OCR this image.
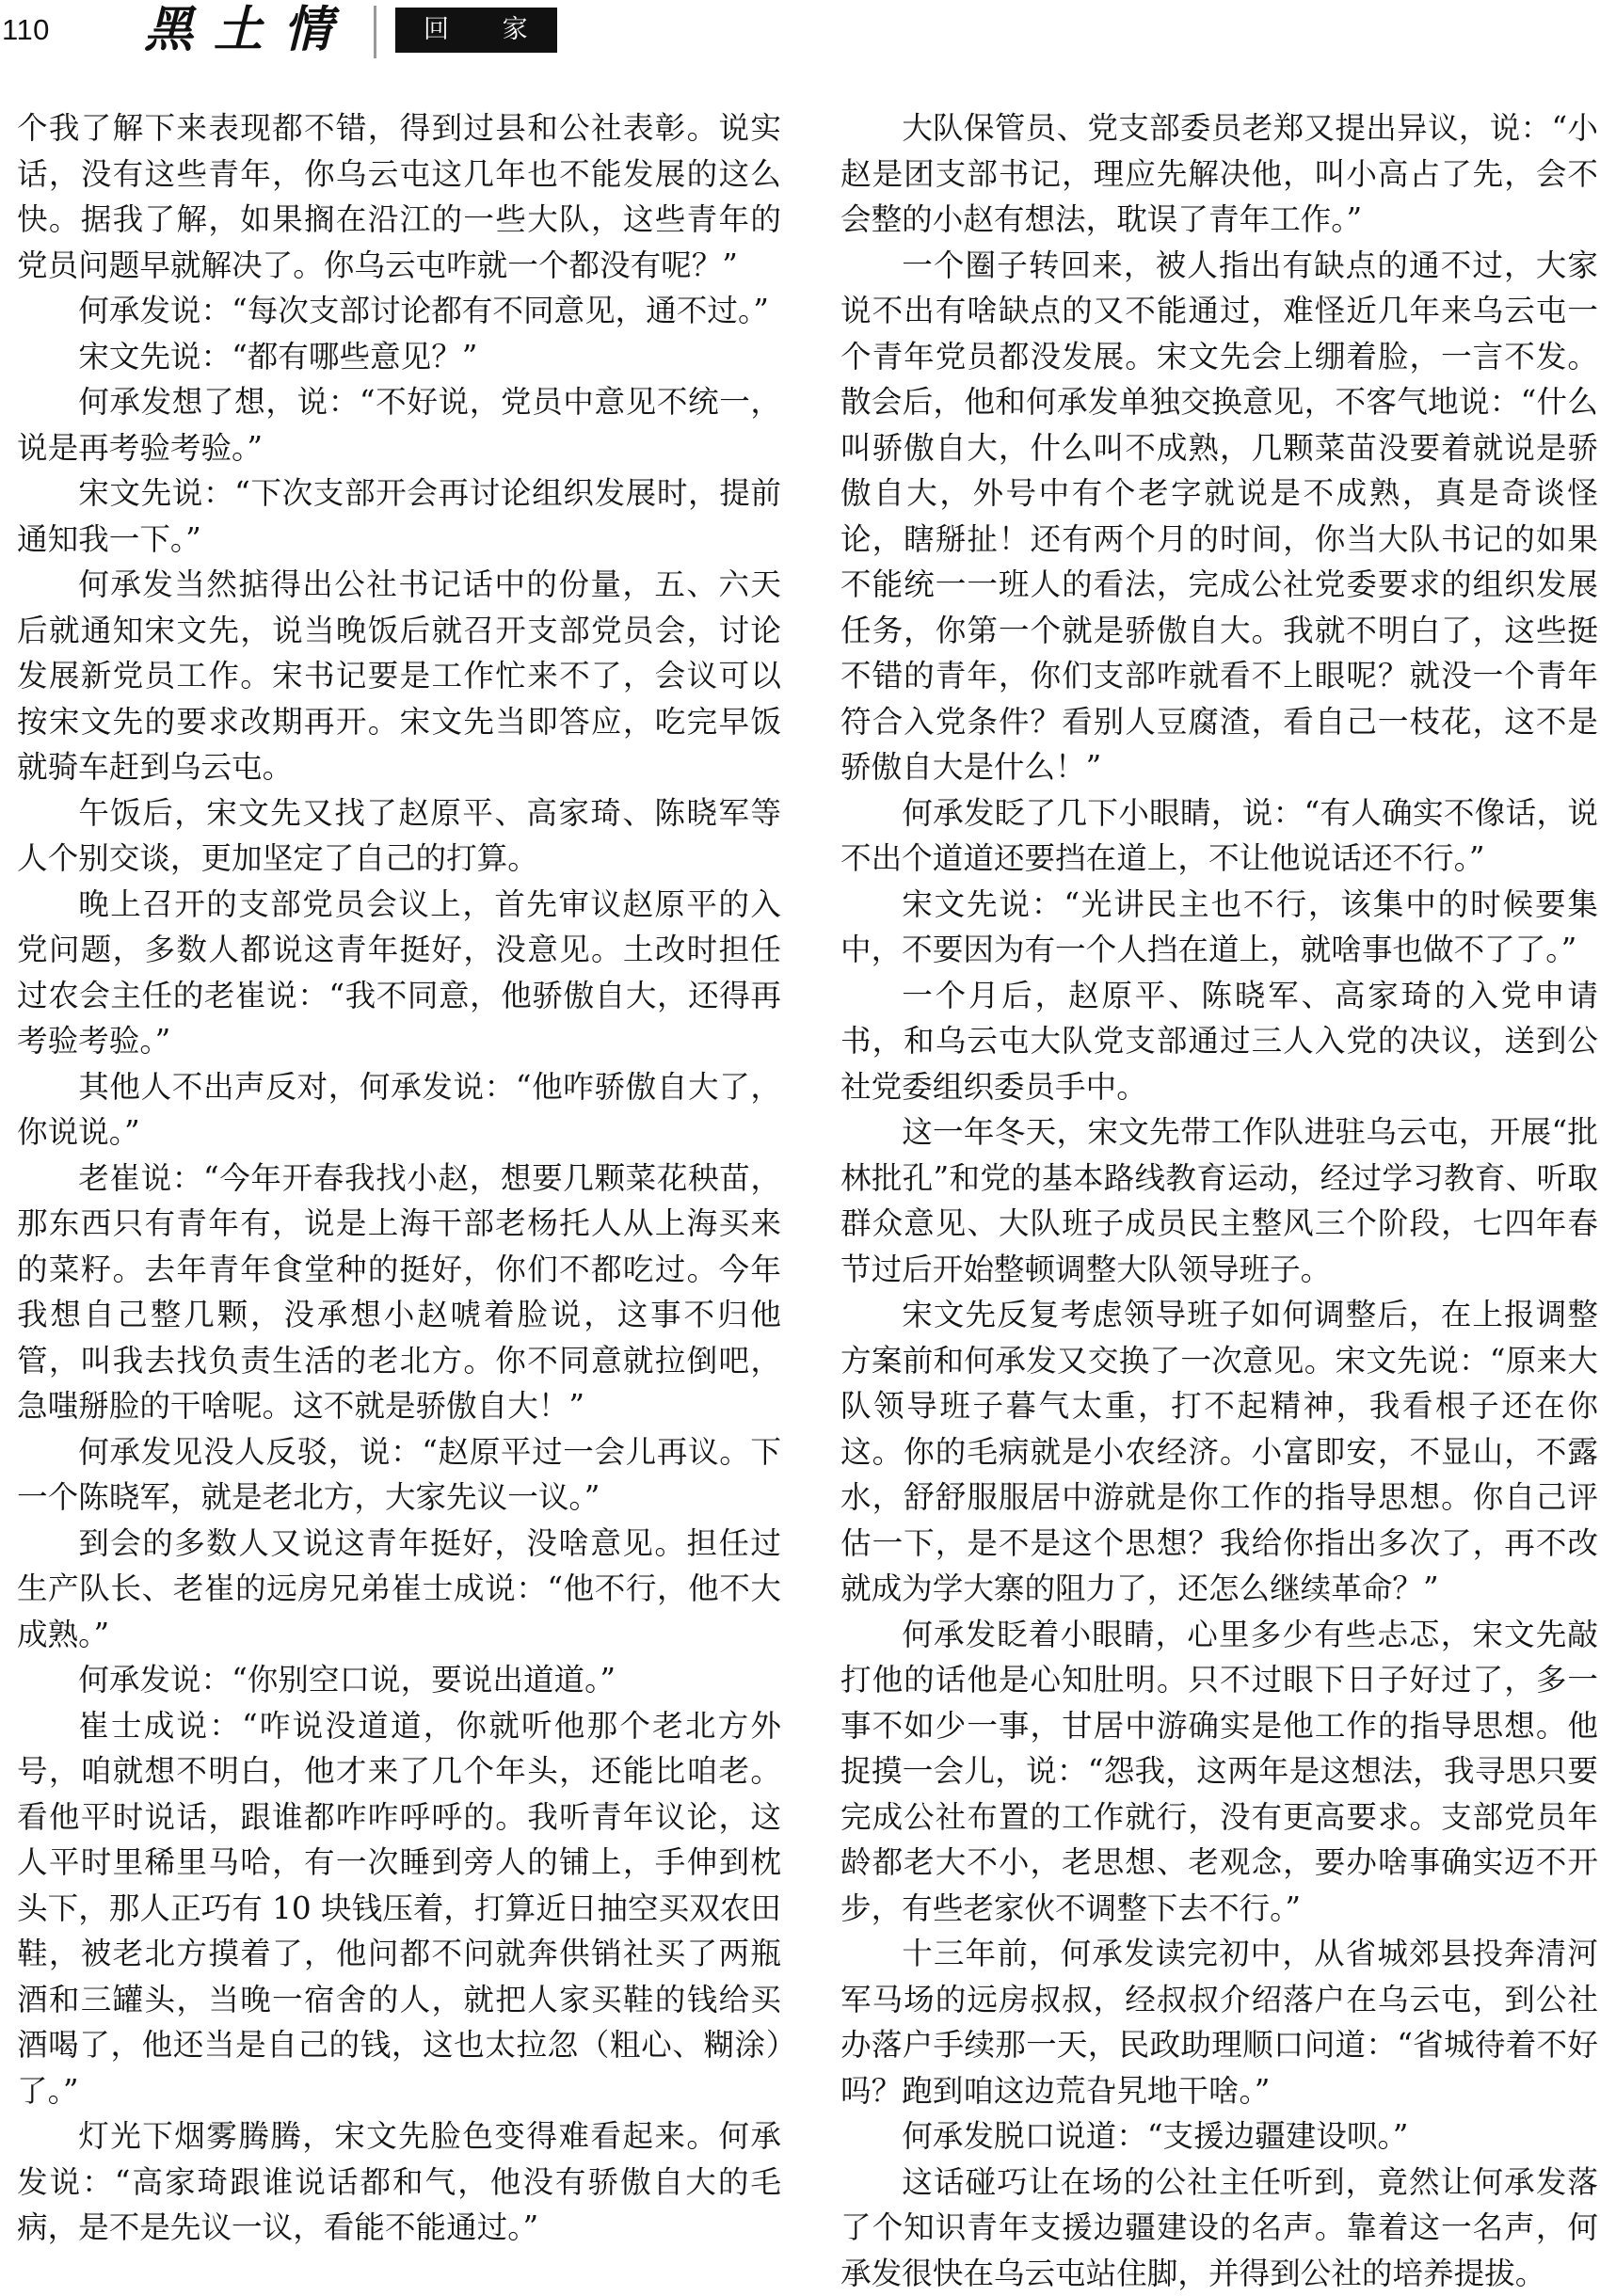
110 黑土情	回 家

个我了解下来表现都不错，得到过县和公社表彰。说实话，没有这些青年，你乌云屯这几年也不能发展的这么快。据我了解，如果搁在沿江的一些大队，这些青年的党员问题早就解决了。你乌云屯咋就一个都没有呢？”

何承发说：“每次支部讨论都有不同意见，通不过。”

宋文先说：“都有哪些意见？”

何承发想了想，说：“不好说，党员中意见不统一，说是再考验考验。”

宋文先说：“下次支部开会再讨论组织发展时，提前通知我一下。”

何承发当然掂得出公社书记话中的份量，五、六天后就通知宋文先，说当晚饭后就召开支部党员会，讨论发展新党员工作。宋书记要是工作忙来不了，会议可以按宋文先的要求改期再开。宋文先当即答应，吃完早饭就骑车赶到乌云屯。

午饭后，宋文先又找了赵原平、高家琦、陈晓军等人个别交谈，更加坚定了自己的打算。

晚上召开的支部党员会议上，首先审议赵原平的入党问题，多数人都说这青年挺好，没意见。土改时担任过农会主任的老崔说：“我不同意，他骄傲自大，还得再考验考验。”

其他人不出声反对，何承发说：“他咋骄傲自大了，你说说。”

老崔说：“今年开春我找小赵，想要几颗菜花秧苗，那东西只有青年有，说是上海干部老杨托人从上海买来的菜籽。去年青年食堂种的挺好，你们不都吃过。今年我想自己整几颗，没承想小赵唬着脸说，这事不归他管，叫我去找负责生活的老北方。你不同意就拉倒吧，急嗤掰脸的干啥呢。这不就是骄傲自大！”

何承发见没人反驳，说：“赵原平过一会儿再议。下一个陈晓军，就是老北方，大家先议一议。”

到会的多数人又说这青年挺好，没啥意见。担任过生产队长、老崔的远房兄弟崔士成说：“他不行，他不大成熟。”

何承发说：“你别空口说，要说出道道。”

崔士成说：“咋说没道道，你就听他那个老北方外号，咱就想不明白，他才来了几个年头，还能比咱老。看他平时说话，跟谁都咋咋呼呼的。我听青年议论，这人平时里稀里马哈，有一次睡到旁人的铺上，手伸到枕头下，那人正巧有 10 块钱压着，打算近日抽空买双农田鞋，被老北方摸着了，他问都不问就奔供销社买了两瓶酒和三罐头，当晚一宿舍的人，就把人家买鞋的钱给买酒喝了，他还当是自己的钱，这也太拉忽（粗心、糊涂）了。”

灯光下烟雾腾腾，宋文先脸色变得难看起来。何承发说：“高家琦跟谁说话都和气，他没有骄傲自大的毛病，是不是先议一议，看能不能通过。”

大队保管员、党支部委员老郑又提出异议，说：“小赵是团支部书记，理应先解决他，叫小高占了先，会不会整的小赵有想法，耽误了青年工作。”

一个圈子转回来，被人指出有缺点的通不过，大家说不出有啥缺点的又不能通过，难怪近几年来乌云屯一个青年党员都没发展。宋文先会上绷着脸，一言不发。散会后，他和何承发单独交换意见，不客气地说：“什么叫骄傲自大，什么叫不成熟，几颗菜苗没要着就说是骄傲自大，外号中有个老字就说是不成熟，真是奇谈怪论，瞎掰扯！还有两个月的时间，你当大队书记的如果不能统一一班人的看法，完成公社党委要求的组织发展任务，你第一个就是骄傲自大。我就不明白了，这些挺不错的青年，你们支部咋就看不上眼呢？就没一个青年符合入党条件？看别人豆腐渣，看自己一枝花，这不是骄傲自大是什么！”

何承发眨了几下小眼睛，说：“有人确实不像话，说不出个道道还要挡在道上，不让他说话还不行。”

宋文先说：“光讲民主也不行，该集中的时候要集中，不要因为有一个人挡在道上，就啥事也做不了了。”

一个月后，赵原平、陈晓军、高家琦的入党申请书，和乌云屯大队党支部通过三人入党的决议，送到公社党委组织委员手中。

这一年冬天，宋文先带工作队进驻乌云屯，开展“批林批孔”和党的基本路线教育运动，经过学习教育、听取群众意见、大队班子成员民主整风三个阶段，七四年春节过后开始整顿调整大队领导班子。

宋文先反复考虑领导班子如何调整后，在上报调整方案前和何承发又交换了一次意见。宋文先说：“原来大队领导班子暮气太重，打不起精神，我看根子还在你这。你的毛病就是小农经济。小富即安，不显山，不露水，舒舒服服居中游就是你工作的指导思想。你自己评估一下，是不是这个思想？我给你指出多次了，再不改就成为学大寨的阻力了，还怎么继续革命？”

何承发眨着小眼睛，心里多少有些忐忑，宋文先敲打他的话他是心知肚明。只不过眼下日子好过了，多一事不如少一事，甘居中游确实是他工作的指导思想。他捉摸一会儿，说：“怨我，这两年是这想法，我寻思只要完成公社布置的工作就行，没有更高要求。支部党员年龄都老大不小，老思想、老观念，要办啥事确实迈不开步，有些老家伙不调整下去不行。”

十三年前，何承发读完初中，从省城郊县投奔清河军马场的远房叔叔，经叔叔介绍落户在乌云屯，到公社办落户手续那一天，民政助理顺口问道：“省城待着不好吗？跑到咱这边荒旮旯地干啥。”

何承发脱口说道：“支援边疆建设呗。”

这话碰巧让在场的公社主任听到，竟然让何承发落了个知识青年支援边疆建设的名声。靠着这一名声，何承发很快在乌云屯站住脚，并得到公社的培养提拔。
